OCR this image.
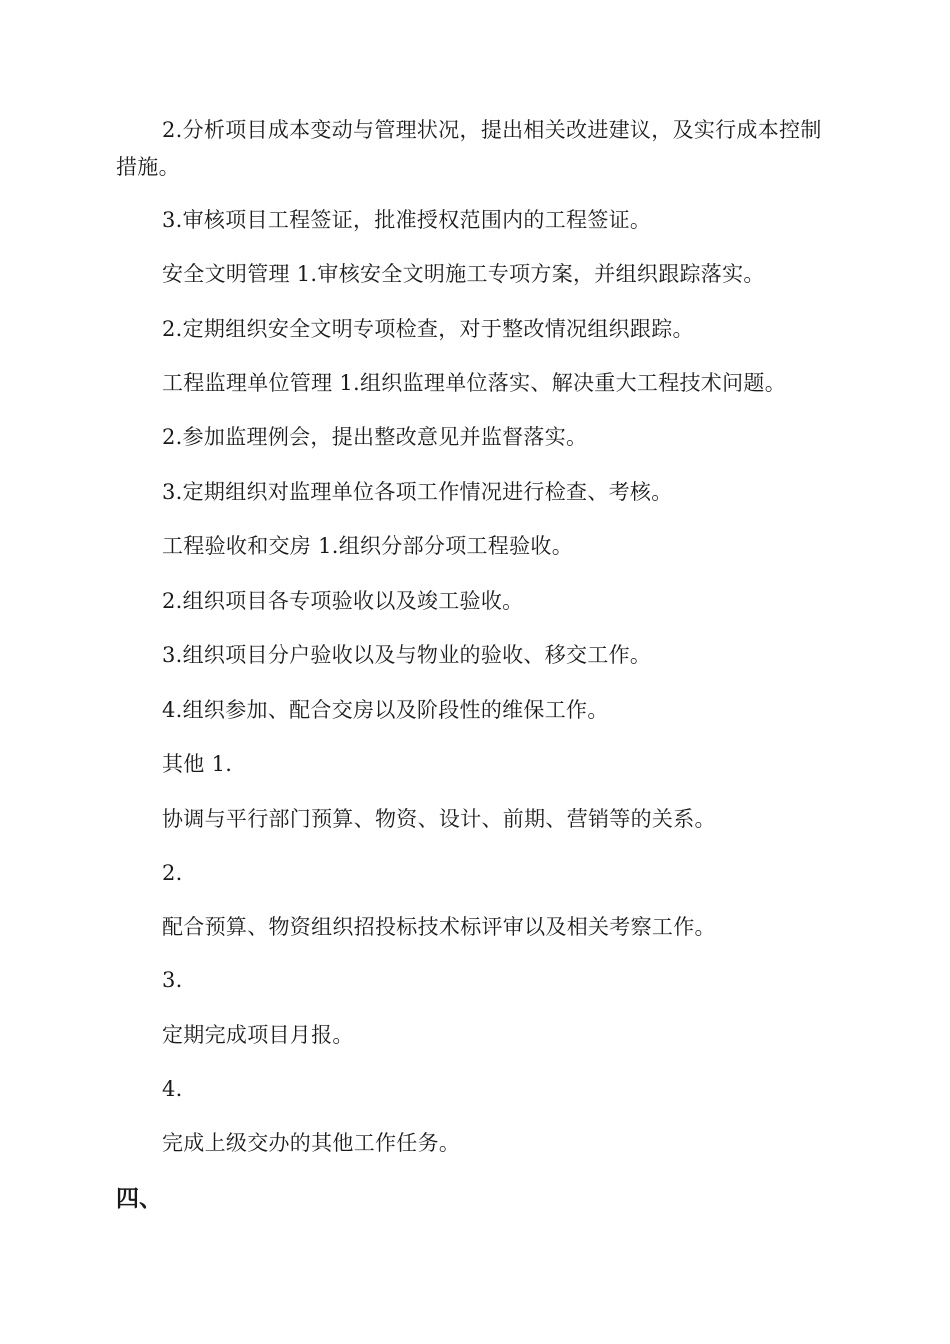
2.分析项目成本变动与管理状况，提出相关改进建议，及实行成本控制措施。

3.审核项目工程签证，批准授权范围内的工程签证。

安全文明管理 1.审核安全文明施工专项方案，并组织跟踪落实。

2.定期组织安全文明专项检查，对于整改情况组织跟踪。

工程监理单位管理 1.组织监理单位落实、解决重大工程技术问题。

2.参加监理例会，提出整改意见并监督落实。

3.定期组织对监理单位各项工作情况进行检查、考核。

工程验收和交房 1.组织分部分项工程验收。

2.组织项目各专项验收以及竣工验收。

3.组织项目分户验收以及与物业的验收、移交工作。

4.组织参加、配合交房以及阶段性的维保工作。

其他 1.

协调与平行部门预算、物资、设计、前期、营销等的关系。

2.

配合预算、物资组织招投标技术标评审以及相关考察工作。

3.

定期完成项目月报。

4.

完成上级交办的其他工作任务。

四、
